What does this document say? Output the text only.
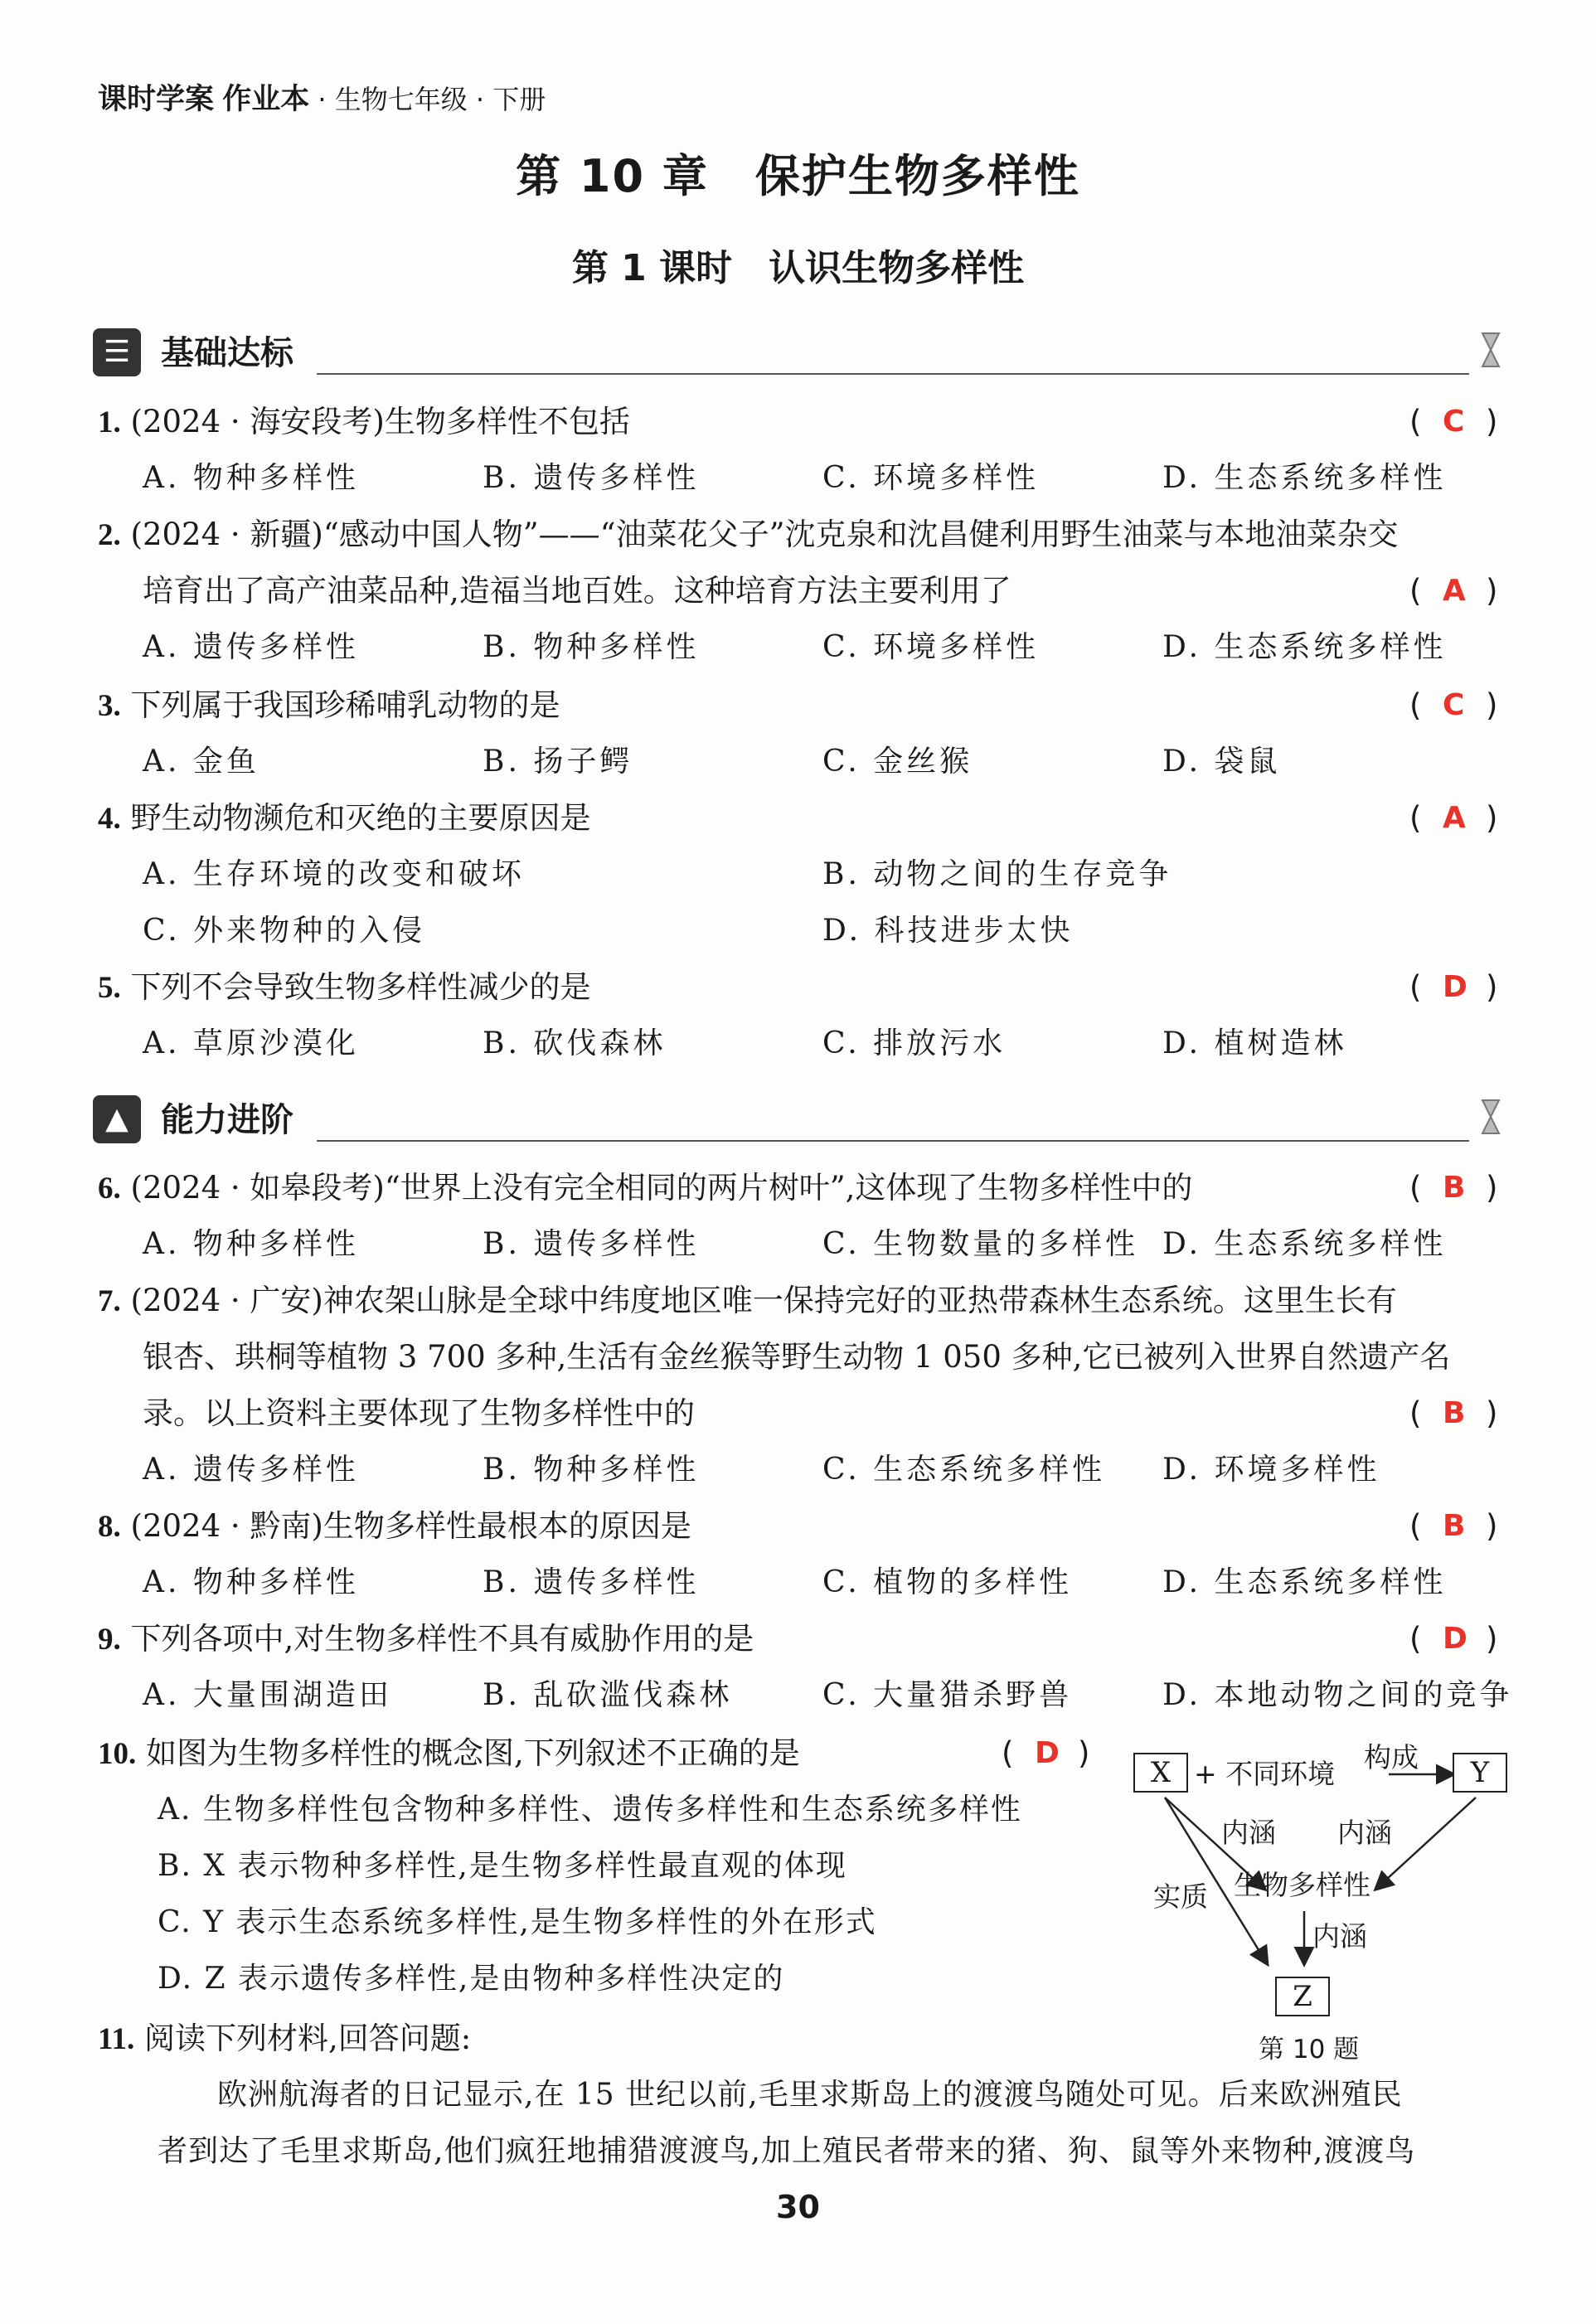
课时学案 作业本 · 生物七年级 · 下册
第 10 章　保护生物多样性
第 1 课时　认识生物多样性
☰ 基础达标
1. (2024 · 海安段考)生物多样性不包括	( C )
A. 物种多样性	B. 遗传多样性	C. 环境多样性	D. 生态系统多样性
2. (2024 · 新疆)“感动中国人物”——“油菜花父子”沈克泉和沈昌健利用野生油菜与本地油菜杂交
培育出了高产油菜品种,造福当地百姓。这种培育方法主要利用了	( A )
A. 遗传多样性	B. 物种多样性	C. 环境多样性	D. 生态系统多样性
3. 下列属于我国珍稀哺乳动物的是	( C )
A. 金鱼	B. 扬子鳄	C. 金丝猴	D. 袋鼠
4. 野生动物濒危和灭绝的主要原因是	( A )
A. 生存环境的改变和破坏	B. 动物之间的生存竞争
C. 外来物种的入侵	D. 科技进步太快
5. 下列不会导致生物多样性减少的是	( D )
A. 草原沙漠化	B. 砍伐森林	C. 排放污水	D. 植树造林
▲ 能力进阶
6. (2024 · 如皋段考)“世界上没有完全相同的两片树叶”,这体现了生物多样性中的	( B )
A. 物种多样性	B. 遗传多样性	C. 生物数量的多样性 D. 生态系统多样性
7. (2024 · 广安)神农架山脉是全球中纬度地区唯一保持完好的亚热带森林生态系统。这里生长有
银杏、珙桐等植物 3 700 多种,生活有金丝猴等野生动物 1 050 多种,它已被列入世界自然遗产名
录。以上资料主要体现了生物多样性中的	( B )
A. 遗传多样性	B. 物种多样性	C. 生态系统多样性 D. 环境多样性
8. (2024 · 黔南)生物多样性最根本的原因是	( B )
A. 物种多样性	B. 遗传多样性	C. 植物的多样性	D. 生态系统多样性
9. 下列各项中,对生物多样性不具有威胁作用的是	( D )
A. 大量围湖造田	B. 乱砍滥伐森林	C. 大量猎杀野兽	D. 本地动物之间的竞争
10. 如图为生物多样性的概念图,下列叙述不正确的是	( D )
A. 生物多样性包含物种多样性、遗传多样性和生态系统多样性
B. X 表示物种多样性,是生物多样性最直观的体现
C. Y 表示生态系统多样性,是生物多样性的外在形式
D. Z 表示遗传多样性,是由物种多样性决定的
X + 不同环境
构成	Y
内涵 内涵
实质 生物多样性
内涵
Z
第 10 题
11. 阅读下列材料,回答问题:
欧洲航海者的日记显示,在 15 世纪以前,毛里求斯岛上的渡渡鸟随处可见。后来欧洲殖民
者到达了毛里求斯岛,他们疯狂地捕猎渡渡鸟,加上殖民者带来的猪、狗、鼠等外来物种,渡渡鸟
30
